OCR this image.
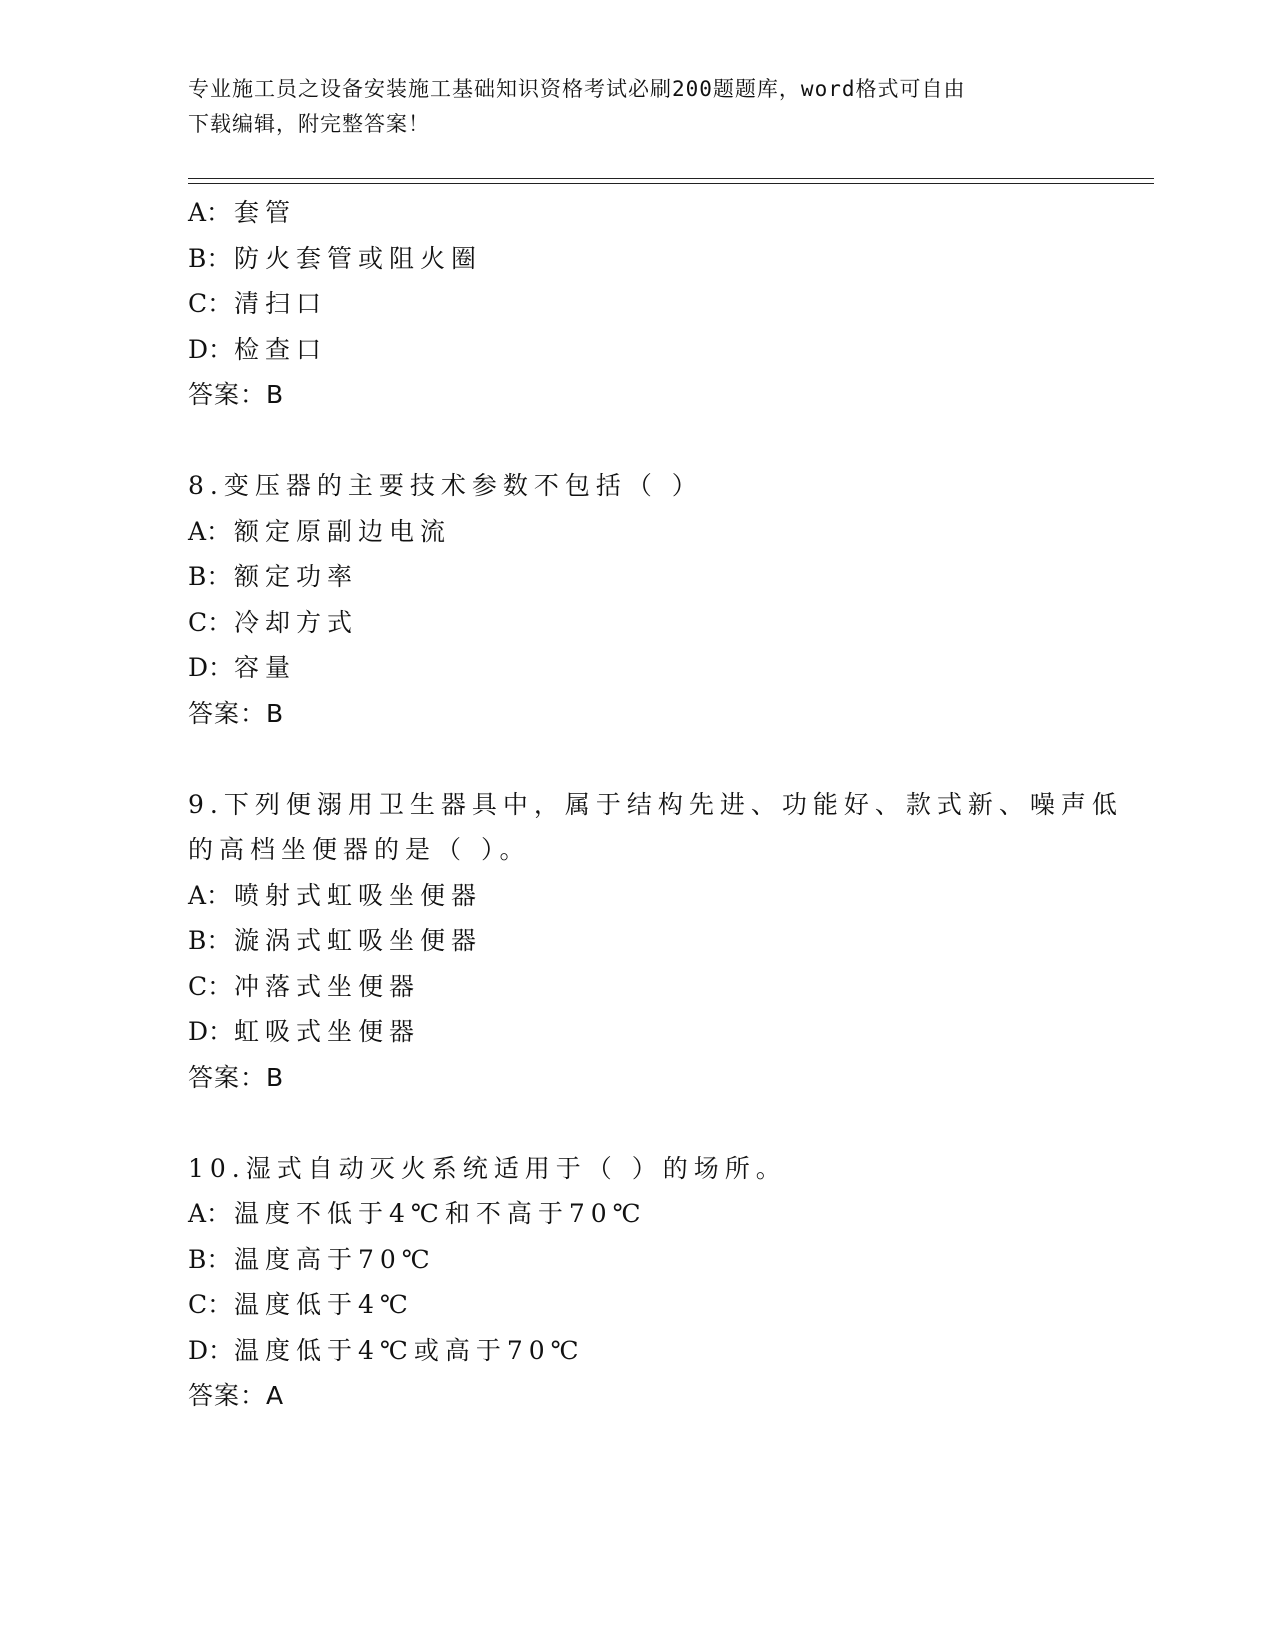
专业施工员之设备安装施工基础知识资格考试必刷200题题库，word格式可自由
下载编辑，附完整答案！
A： 套管
B： 防火套管或阻火圈
C：清扫口
D：检查口
答案：B
8.变压器的主要技术参数不包括（ ）
A： 额定原副边电流
B： 额定功率
C：冷却方式
D：容量
答案：B
9.下列便溺用卫生器具中，属于结构先进、功能好、款式新、噪声低
的高档坐便器的是（ ）。
A： 喷射式虹吸坐便器
B： 漩涡式虹吸坐便器
C：冲落式坐便器
D：虹吸式坐便器
答案：B
10.湿式自动灭火系统适用于（ ）的场所。
A： 温度不低于4℃和不高于70℃
B： 温度高于70℃
C：温度低于4℃
D：温度低于4℃或高于70℃
答案：A
